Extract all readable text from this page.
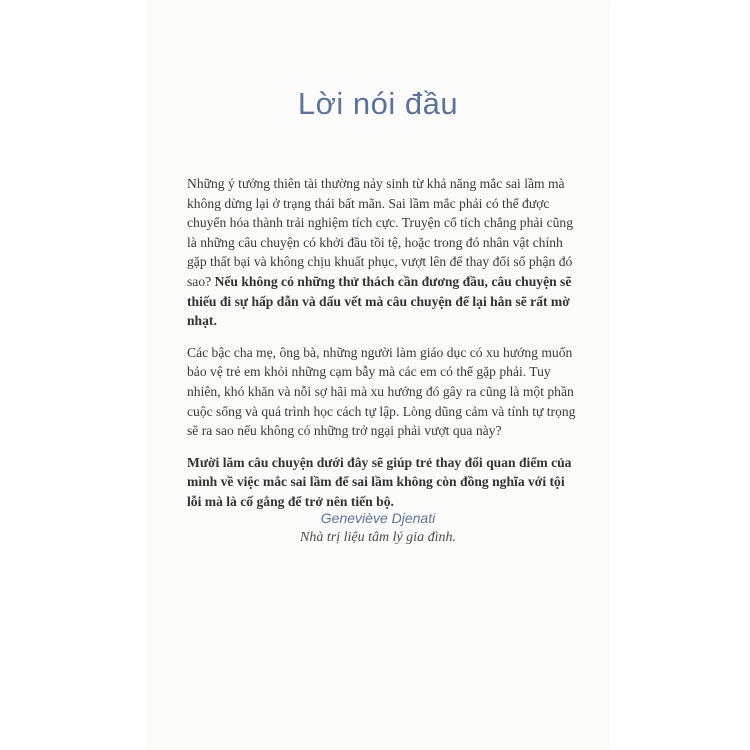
Lời nói đầu

Những ý tưởng thiên tài thường nảy sinh từ khả năng mắc sai lầm mà không dừng lại ở trạng thái bất mãn. Sai lầm mắc phải có thể được chuyển hóa thành trải nghiệm tích cực. Truyện cổ tích chẳng phải cũng là những câu chuyện có khởi đầu tồi tệ, hoặc trong đó nhân vật chính gặp thất bại và không chịu khuất phục, vượt lên để thay đổi số phận đó sao? Nếu không có những thử thách cần đương đầu, câu chuyện sẽ thiếu đi sự hấp dẫn và dấu vết mà câu chuyện để lại hẳn sẽ rất mờ nhạt.

Các bậc cha mẹ, ông bà, những người làm giáo dục có xu hướng muốn bảo vệ trẻ em khỏi những cạm bẫy mà các em có thể gặp phải. Tuy nhiên, khó khăn và nỗi sợ hãi mà xu hướng đó gây ra cũng là một phần cuộc sống và quá trình học cách tự lập. Lòng dũng cảm và tính tự trọng sẽ ra sao nếu không có những trở ngại phải vượt qua này?

Mười lăm câu chuyện dưới đây sẽ giúp trẻ thay đổi quan điểm của mình về việc mắc sai lầm để sai lầm không còn đồng nghĩa với tội lỗi mà là cố gắng để trở nên tiến bộ.

Geneviève Djenati
Nhà trị liệu tâm lý gia đình.
